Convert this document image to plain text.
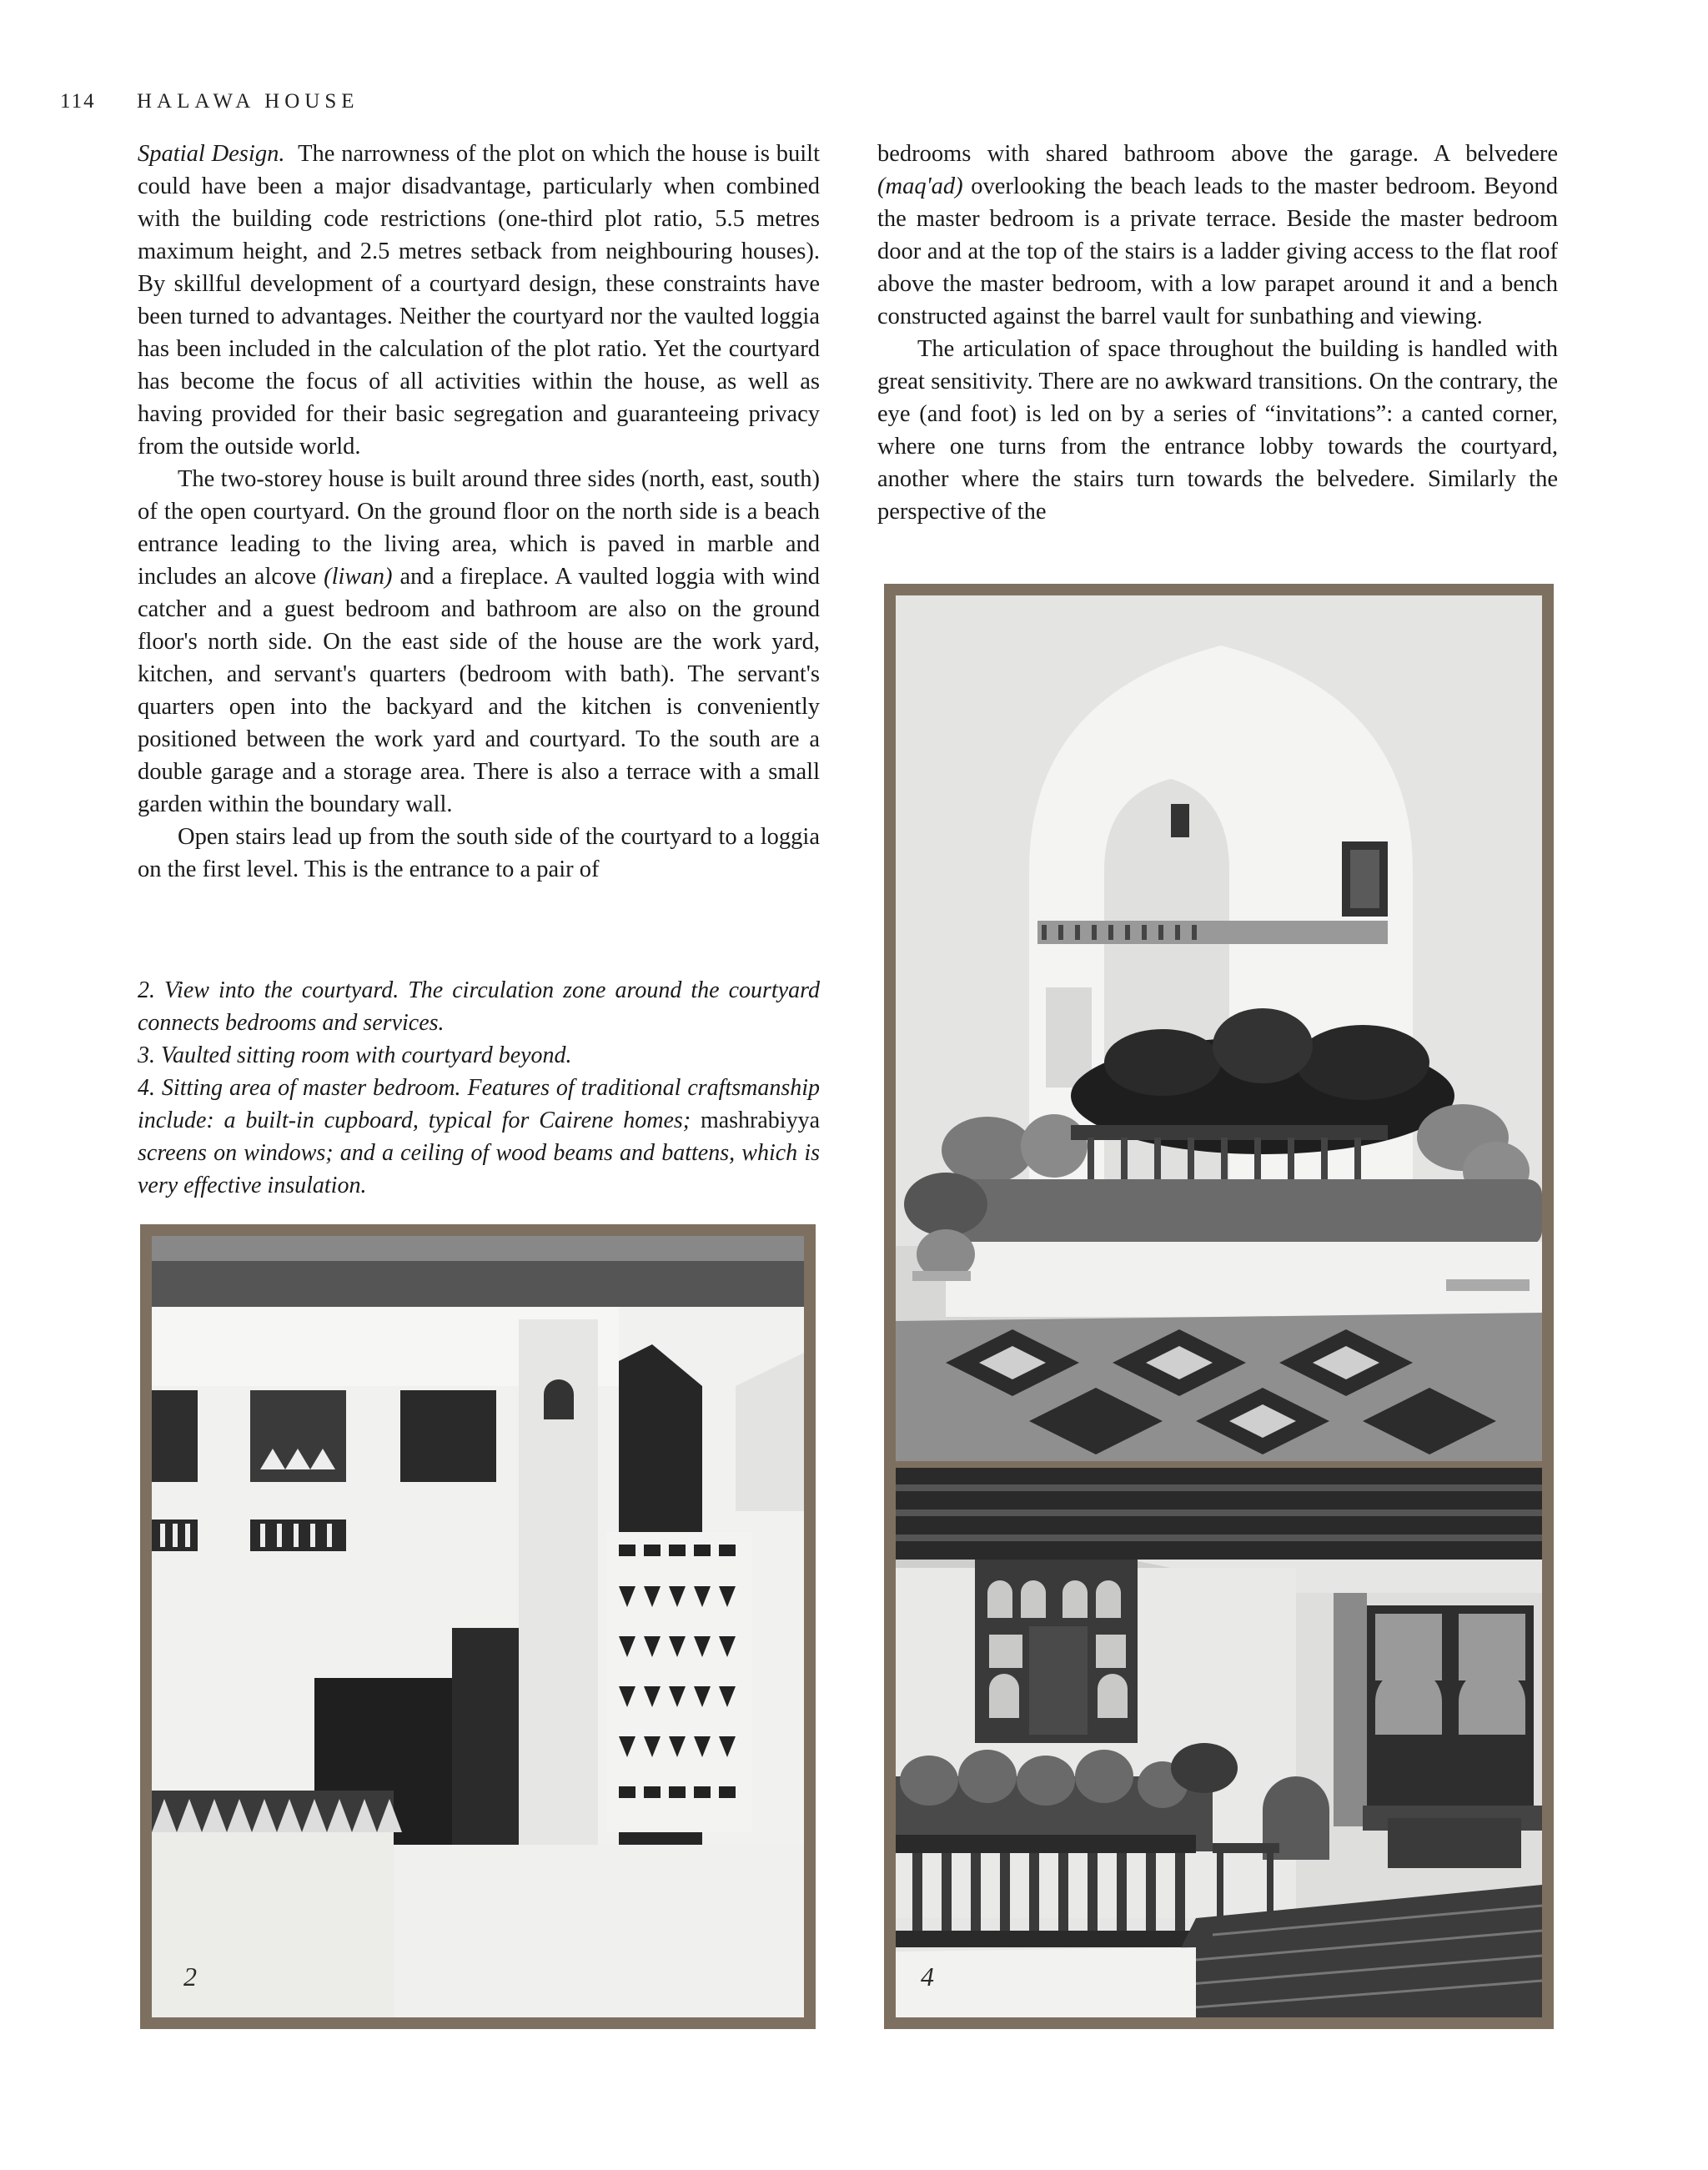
114 HALAWA HOUSE

Spatial Design. The narrowness of the plot on which the house is built could have been a major disadvantage, particularly when combined with the building code restrictions (one-third plot ratio, 5.5 metres maximum height, and 2.5 metres setback from neighbouring houses). By skillful development of a courtyard design, these constraints have been turned to advantages. Neither the courtyard nor the vaulted loggia has been included in the calculation of the plot ratio. Yet the courtyard has become the focus of all activities within the house, as well as having provided for their basic segregation and guaranteeing privacy from the outside world.

The two-storey house is built around three sides (north, east, south) of the open courtyard. On the ground floor on the north side is a beach entrance leading to the living area, which is paved in marble and includes an alcove (liwan) and a fireplace. A vaulted loggia with wind catcher and a guest bedroom and bathroom are also on the ground floor's north side. On the east side of the house are the work yard, kitchen, and servant's quarters (bedroom with bath). The servant's quarters open into the backyard and the kitchen is conveniently positioned between the work yard and courtyard. To the south are a double garage and a storage area. There is also a terrace with a small garden within the boundary wall.

Open stairs lead up from the south side of the courtyard to a loggia on the first level. This is the entrance to a pair of

bedrooms with shared bathroom above the garage. A belvedere (maq'ad) overlooking the beach leads to the master bedroom. Beyond the master bedroom is a private terrace. Beside the master bedroom door and at the top of the stairs is a ladder giving access to the flat roof above the master bedroom, with a low parapet around it and a bench constructed against the barrel vault for sunbathing and viewing.

The articulation of space throughout the building is handled with great sensitivity. There are no awkward transitions. On the contrary, the eye (and foot) is led on by a series of “invitations”: a canted corner, where one turns from the entrance lobby towards the courtyard, another where the stairs turn towards the belvedere. Similarly the perspective of the

2. View into the courtyard. The circulation zone around the courtyard connects bedrooms and services.

3. Vaulted sitting room with courtyard beyond.

4. Sitting area of master bedroom. Features of traditional craftsmanship include: a built-in cupboard, typical for Cairene homes; mashrabiyya screens on windows; and a ceiling of wood beams and battens, which is very effective insulation.

2	4
